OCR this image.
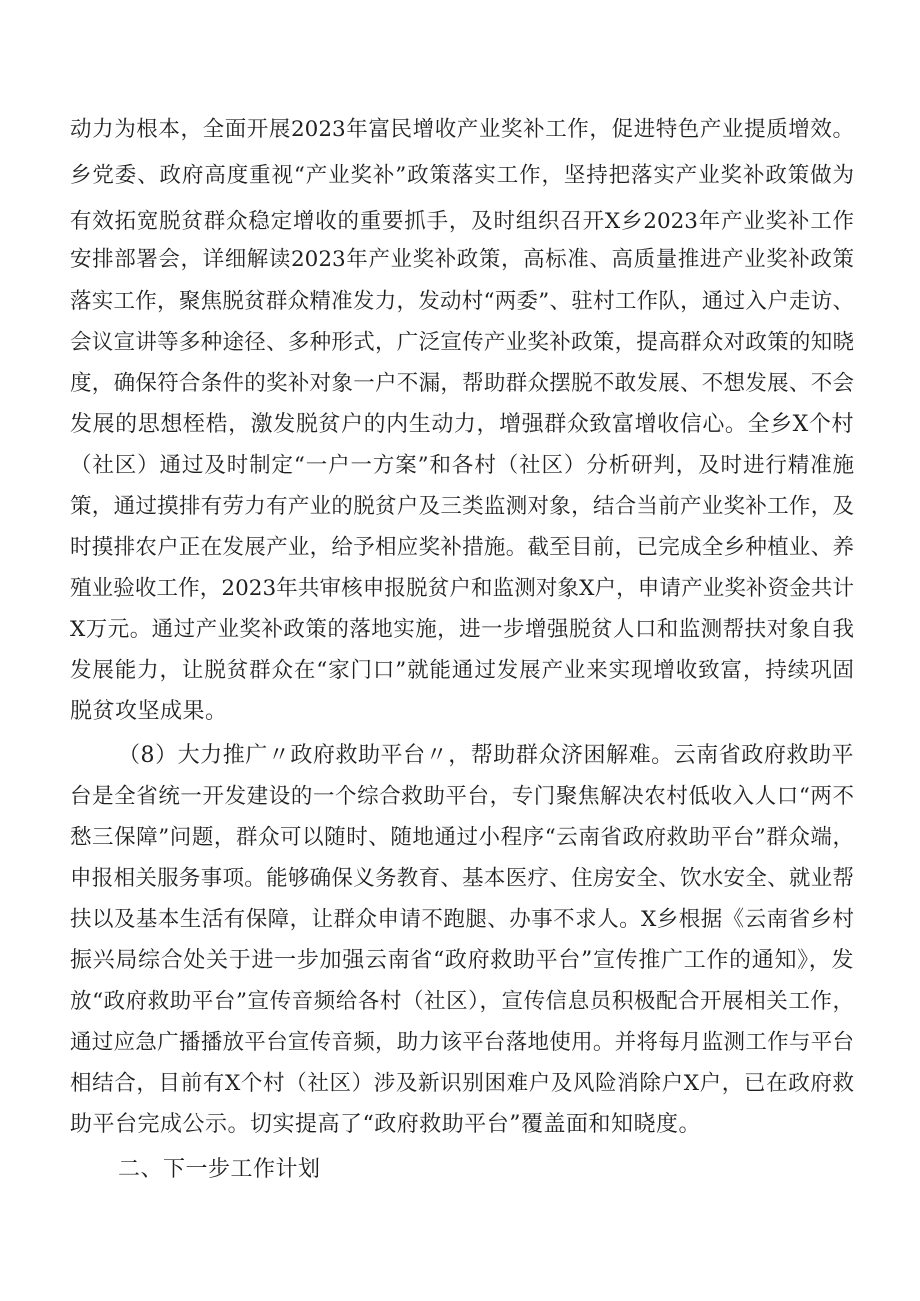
动力为根本，全面开展2023年富民增收产业奖补工作，促进特色产业提质增效。
乡党委、政府高度重视“产业奖补”政策落实工作，坚持把落实产业奖补政策做为
有效拓宽脱贫群众稳定增收的重要抓手，及时组织召开X乡2023年产业奖补工作
安排部署会，详细解读2023年产业奖补政策，高标准、高质量推进产业奖补政策
落实工作，聚焦脱贫群众精准发力，发动村“两委”、驻村工作队，通过入户走访、
会议宣讲等多种途径、多种形式，广泛宣传产业奖补政策，提高群众对政策的知晓
度，确保符合条件的奖补对象一户不漏，帮助群众摆脱不敢发展、不想发展、不会
发展的思想桎梏，激发脱贫户的内生动力，增强群众致富增收信心。全乡X个村
（社区）通过及时制定“一户一方案”和各村（社区）分析研判，及时进行精准施
策，通过摸排有劳力有产业的脱贫户及三类监测对象，结合当前产业奖补工作，及
时摸排农户正在发展产业，给予相应奖补措施。截至目前，已完成全乡种植业、养
殖业验收工作，2023年共审核申报脱贫户和监测对象X户，申请产业奖补资金共计
X万元。通过产业奖补政策的落地实施，进一步增强脱贫人口和监测帮扶对象自我
发展能力，让脱贫群众在“家门口”就能通过发展产业来实现增收致富，持续巩固
脱贫攻坚成果。
（8）大力推广〃政府救助平台〃，帮助群众济困解难。云南省政府救助平
台是全省统一开发建设的一个综合救助平台，专门聚焦解决农村低收入人口“两不
愁三保障”问题，群众可以随时、随地通过小程序“云南省政府救助平台”群众端，
申报相关服务事项。能够确保义务教育、基本医疗、住房安全、饮水安全、就业帮
扶以及基本生活有保障，让群众申请不跑腿、办事不求人。X乡根据《云南省乡村
振兴局综合处关于进一步加强云南省“政府救助平台”宣传推广工作的通知》，发
放“政府救助平台”宣传音频给各村（社区），宣传信息员积极配合开展相关工作，
通过应急广播播放平台宣传音频，助力该平台落地使用。并将每月监测工作与平台
相结合，目前有X个村（社区）涉及新识别困难户及风险消除户X户，已在政府救
助平台完成公示。切实提高了“政府救助平台”覆盖面和知晓度。
二、下一步工作计划
